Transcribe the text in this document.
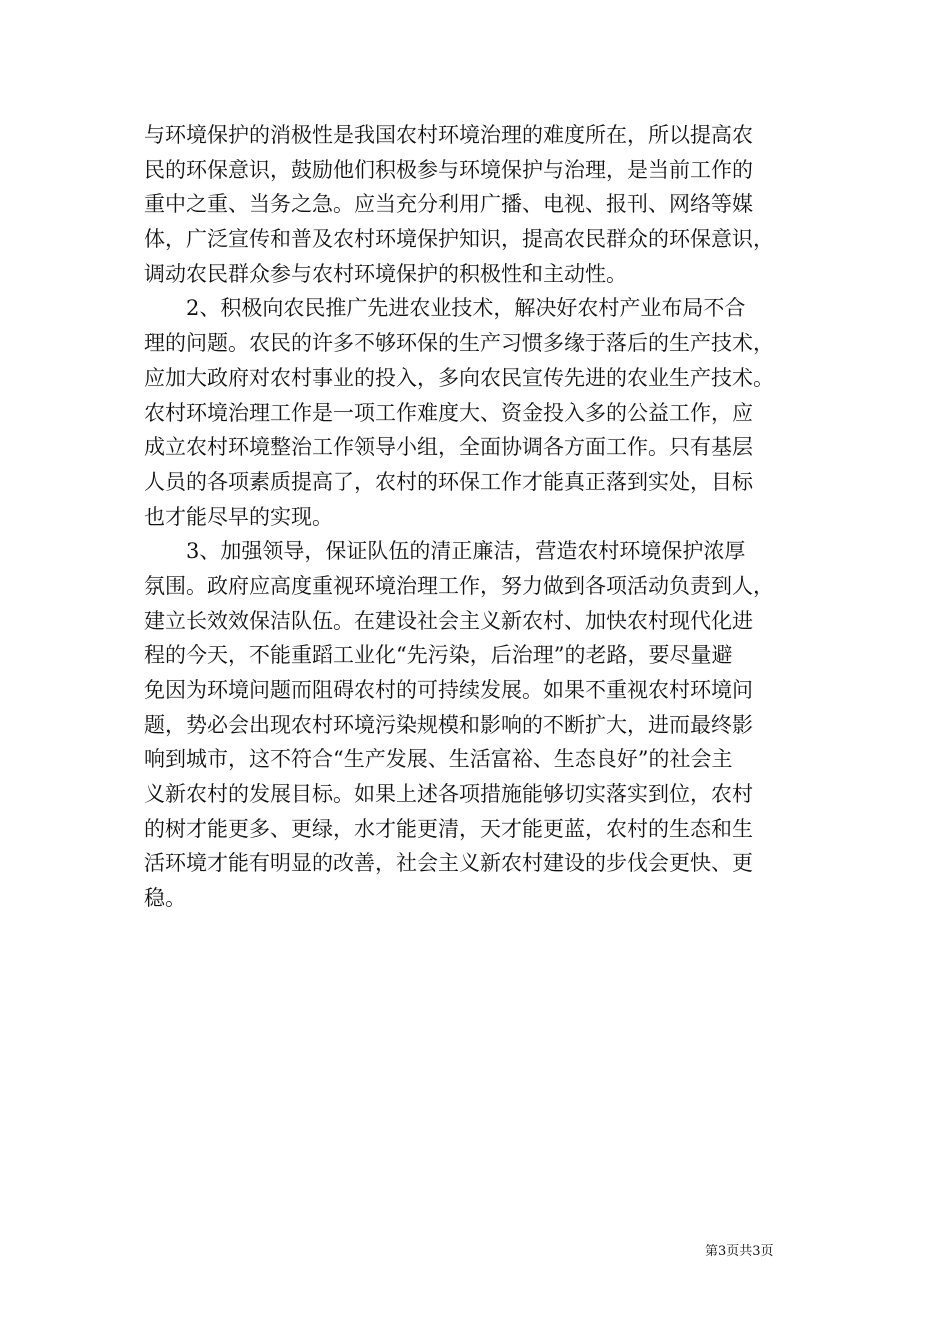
与环境保护的消极性是我国农村环境治理的难度所在，所以提高农
民的环保意识，鼓励他们积极参与环境保护与治理，是当前工作的
重中之重、当务之急。应当充分利用广播、电视、报刊、网络等媒
体，广泛宣传和普及农村环境保护知识，提高农民群众的环保意识，
调动农民群众参与农村环境保护的积极性和主动性。
　　2、积极向农民推广先进农业技术，解决好农村产业布局不合
理的问题。农民的许多不够环保的生产习惯多缘于落后的生产技术，
应加大政府对农村事业的投入，多向农民宣传先进的农业生产技术。
农村环境治理工作是一项工作难度大、资金投入多的公益工作，应
成立农村环境整治工作领导小组，全面协调各方面工作。只有基层
人员的各项素质提高了，农村的环保工作才能真正落到实处，目标
也才能尽早的实现。
　　3、加强领导，保证队伍的清正廉洁，营造农村环境保护浓厚
氛围。政府应高度重视环境治理工作，努力做到各项活动负责到人，
建立长效效保洁队伍。在建设社会主义新农村、加快农村现代化进
程的今天，不能重蹈工业化“先污染，后治理”的老路，要尽量避
免因为环境问题而阻碍农村的可持续发展。如果不重视农村环境问
题，势必会出现农村环境污染规模和影响的不断扩大，进而最终影
响到城市，这不符合“生产发展、生活富裕、生态良好”的社会主
义新农村的发展目标。如果上述各项措施能够切实落实到位，农村
的树才能更多、更绿，水才能更清，天才能更蓝，农村的生态和生
活环境才能有明显的改善，社会主义新农村建设的步伐会更快、更
稳。
第3页共3页
